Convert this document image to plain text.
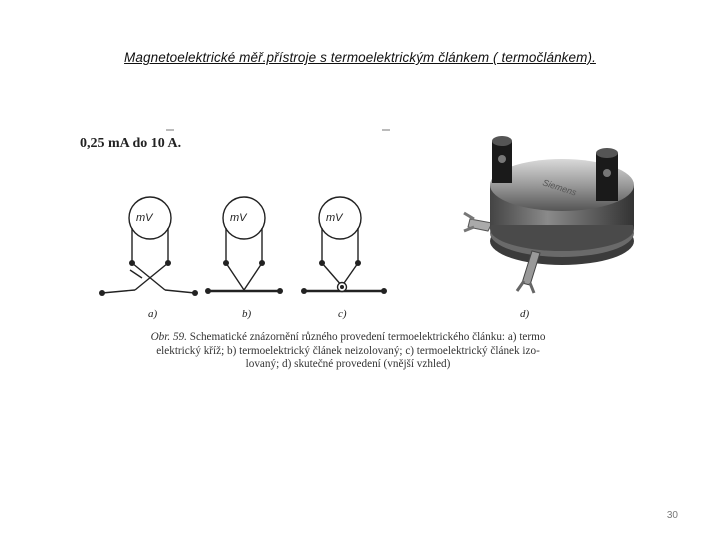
Magnetoelektrické měř.přístroje s termoelektrickým článkem ( termočlánkem).
0,25 mA do 10 A.
mV	mV	mV
a)	b)	c)	d)
Siemens
Obr. 59. Schematické znázornění různého provedení termoelektrického článku: a) termo
elektrický kříž; b) termoelektrický článek neizolovaný; c) termoelektrický článek izo-
lovaný; d) skutečné provedení (vnější vzhled)
30
